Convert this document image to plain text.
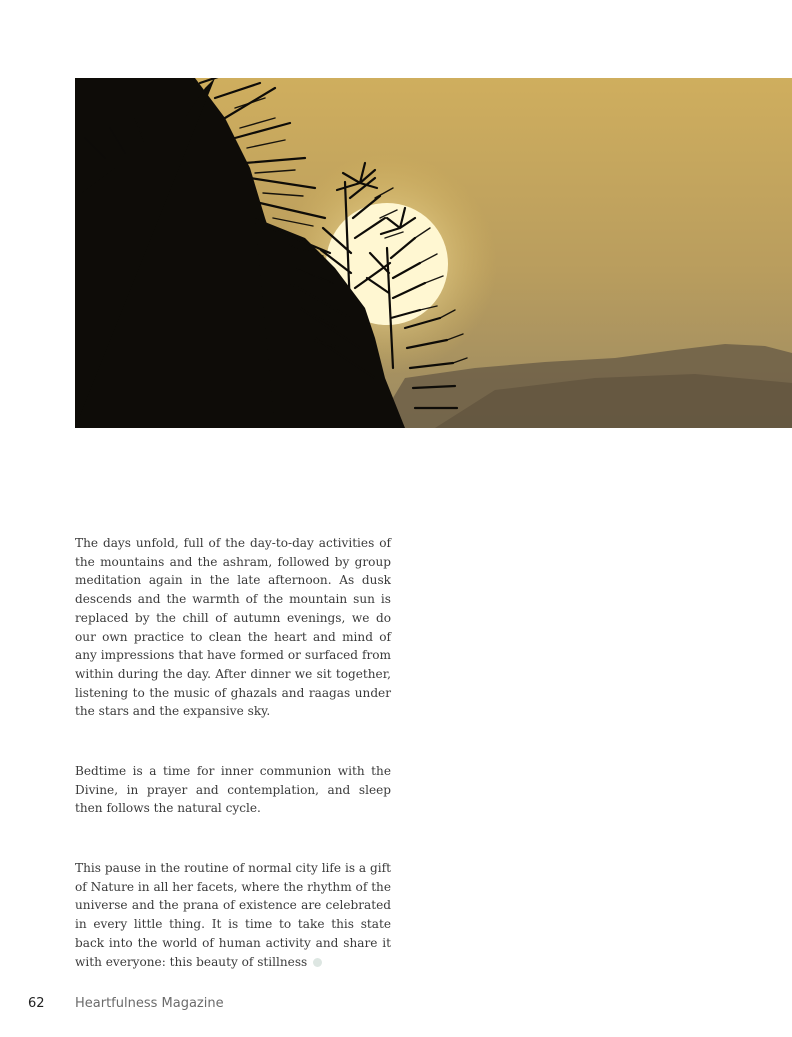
The days unfold, full of the day-to-day activities of the mountains and the ashram, followed by group meditation again in the late afternoon. As dusk descends and the warmth of the mountain sun is replaced by the chill of autumn evenings, we do our own practice to clean the heart and mind of any impressions that have formed or surfaced from within during the day. After dinner we sit together, listening to the music of ghazals and raagas under the stars and the expansive sky.

Bedtime is a time for inner communion with the Divine, in prayer and contemplation, and sleep then follows the natural cycle.

This pause in the routine of normal city life is a gift of Nature in all her facets, where the rhythm of the universe and the prana of existence are celebrated in every little thing. It is time to take this state back into the world of human activity and share it with everyone: this beauty of stillness

62 Heartfulness Magazine
